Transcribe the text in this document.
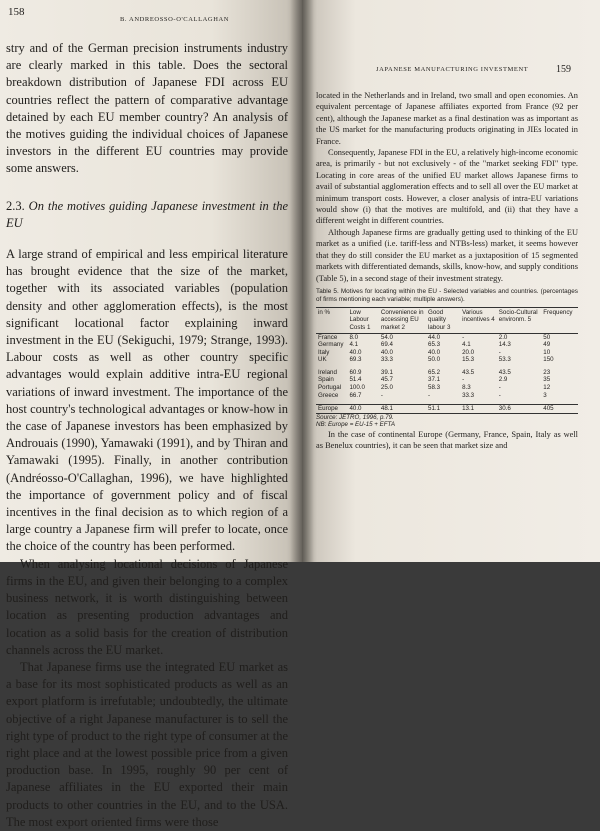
158
B. ANDREOSSO-O'CALLAGHAN

stry and of the German precision instruments industry are clearly marked in this table. Does the sectoral breakdown distribution of Japanese FDI across EU countries reflect the pattern of comparative advantage detained by each EU member country? An analysis of the motives guiding the individual choices of Japanese investors in the different EU countries may provide some answers.

2.3. On the motives guiding Japanese investment in the EU

A large strand of empirical and less empirical literature has brought evidence that the size of the market, together with its associated variables (population density and other agglomeration effects), is the most significant locational factor explaining inward investment in the EU (Sekiguchi, 1979; Strange, 1993). Labour costs as well as other country specific advantages would explain additive intra-EU regional variations of inward investment. The importance of the host country's technological advantages or know-how in the case of Japanese investors has been emphasized by Androuais (1990), Yamawaki (1991), and by Thiran and Yamawaki (1995). Finally, in another contribution (Andréosso-O'Callaghan, 1996), we have highlighted the importance of government policy and of fiscal incentives in the final decision as to which region of a large country a Japanese firm will prefer to locate, once the choice of the country has been performed.

When analysing locational decisions of Japanese firms in the EU, and given their belonging to a complex business network, it is worth distinguishing between location as presenting production advantages and location as a solid basis for the creation of distribution channels across the EU market.

That Japanese firms use the integrated EU market as a base for its most sophisticated products as well as an export platform is irrefutable; undoubtedly, the ultimate objective of a right Japanese manufacturer is to sell the right type of product to the right type of consumer at the right place and at the lowest possible price from a given production base. In 1995, roughly 90 per cent of Japanese affiliates in the EU exported their main products to other countries in the EU, and to the USA. The most export oriented firms were those

JAPANESE MANUFACTURING INVESTMENT	159

located in the Netherlands and in Ireland, two small and open economies. An equivalent percentage of Japanese affiliates exported from France (92 per cent), although the Japanese market as a final destination was as important as the US market for the manufacturing products originating in JIEs located in France.

Consequently, Japanese FDI in the EU, a relatively high-income economic area, is primarily - but not exclusively - of the "market seeking FDI" type. Locating in core areas of the unified EU market allows Japanese firms to avail of substantial agglomeration effects and to sell all over the EU market at minimum transport costs. However, a closer analysis of intra-EU variations would show (i) that the motives are multifold, and (ii) that they have a different weight in different countries.

Although Japanese firms are gradually getting used to thinking of the EU market as a unified (i.e. tariff-less and NTBs-less) market, it seems however that they do still consider the EU market as a juxtaposition of 15 segmented markets with differentiated demands, skills, know-how, and supply conditions (Table 5), in a second stage of their investment strategy.

Table 5. Motives for locating within the EU - Selected variables and countries. (percentages of firms mentioning each variable; multiple answers).
in %	Low Labour Costs 1	Convenience in accessing EU market 2	Good quality labour 3	Various incentives 4	Socio-Cultural environm. 5	Frequency
France	8.0	54.0	44.0	-	2.0	50
Germany	4.1	69.4	65.3	4.1	14.3	49
Italy	40.0	40.0	40.0	20.0	-	10
UK	69.3	33.3	50.0	15.3	53.3	150

Ireland	60.9	39.1	65.2	43.5	43.5	23
Spain	51.4	45.7	37.1	-	2.9	35
Portugal	100.0	25.0	58.3	8.3	-	12
Greece	66.7	-	-	33.3	-	3

Europe	40.0	48.1	51.1	13.1	30.6	405
Source: JETRO, 1996, p.79.
NB: Europe = EU-15 + EFTA

In the case of continental Europe (Germany, France, Spain, Italy as well as Benelux countries), it can be seen that market size and
